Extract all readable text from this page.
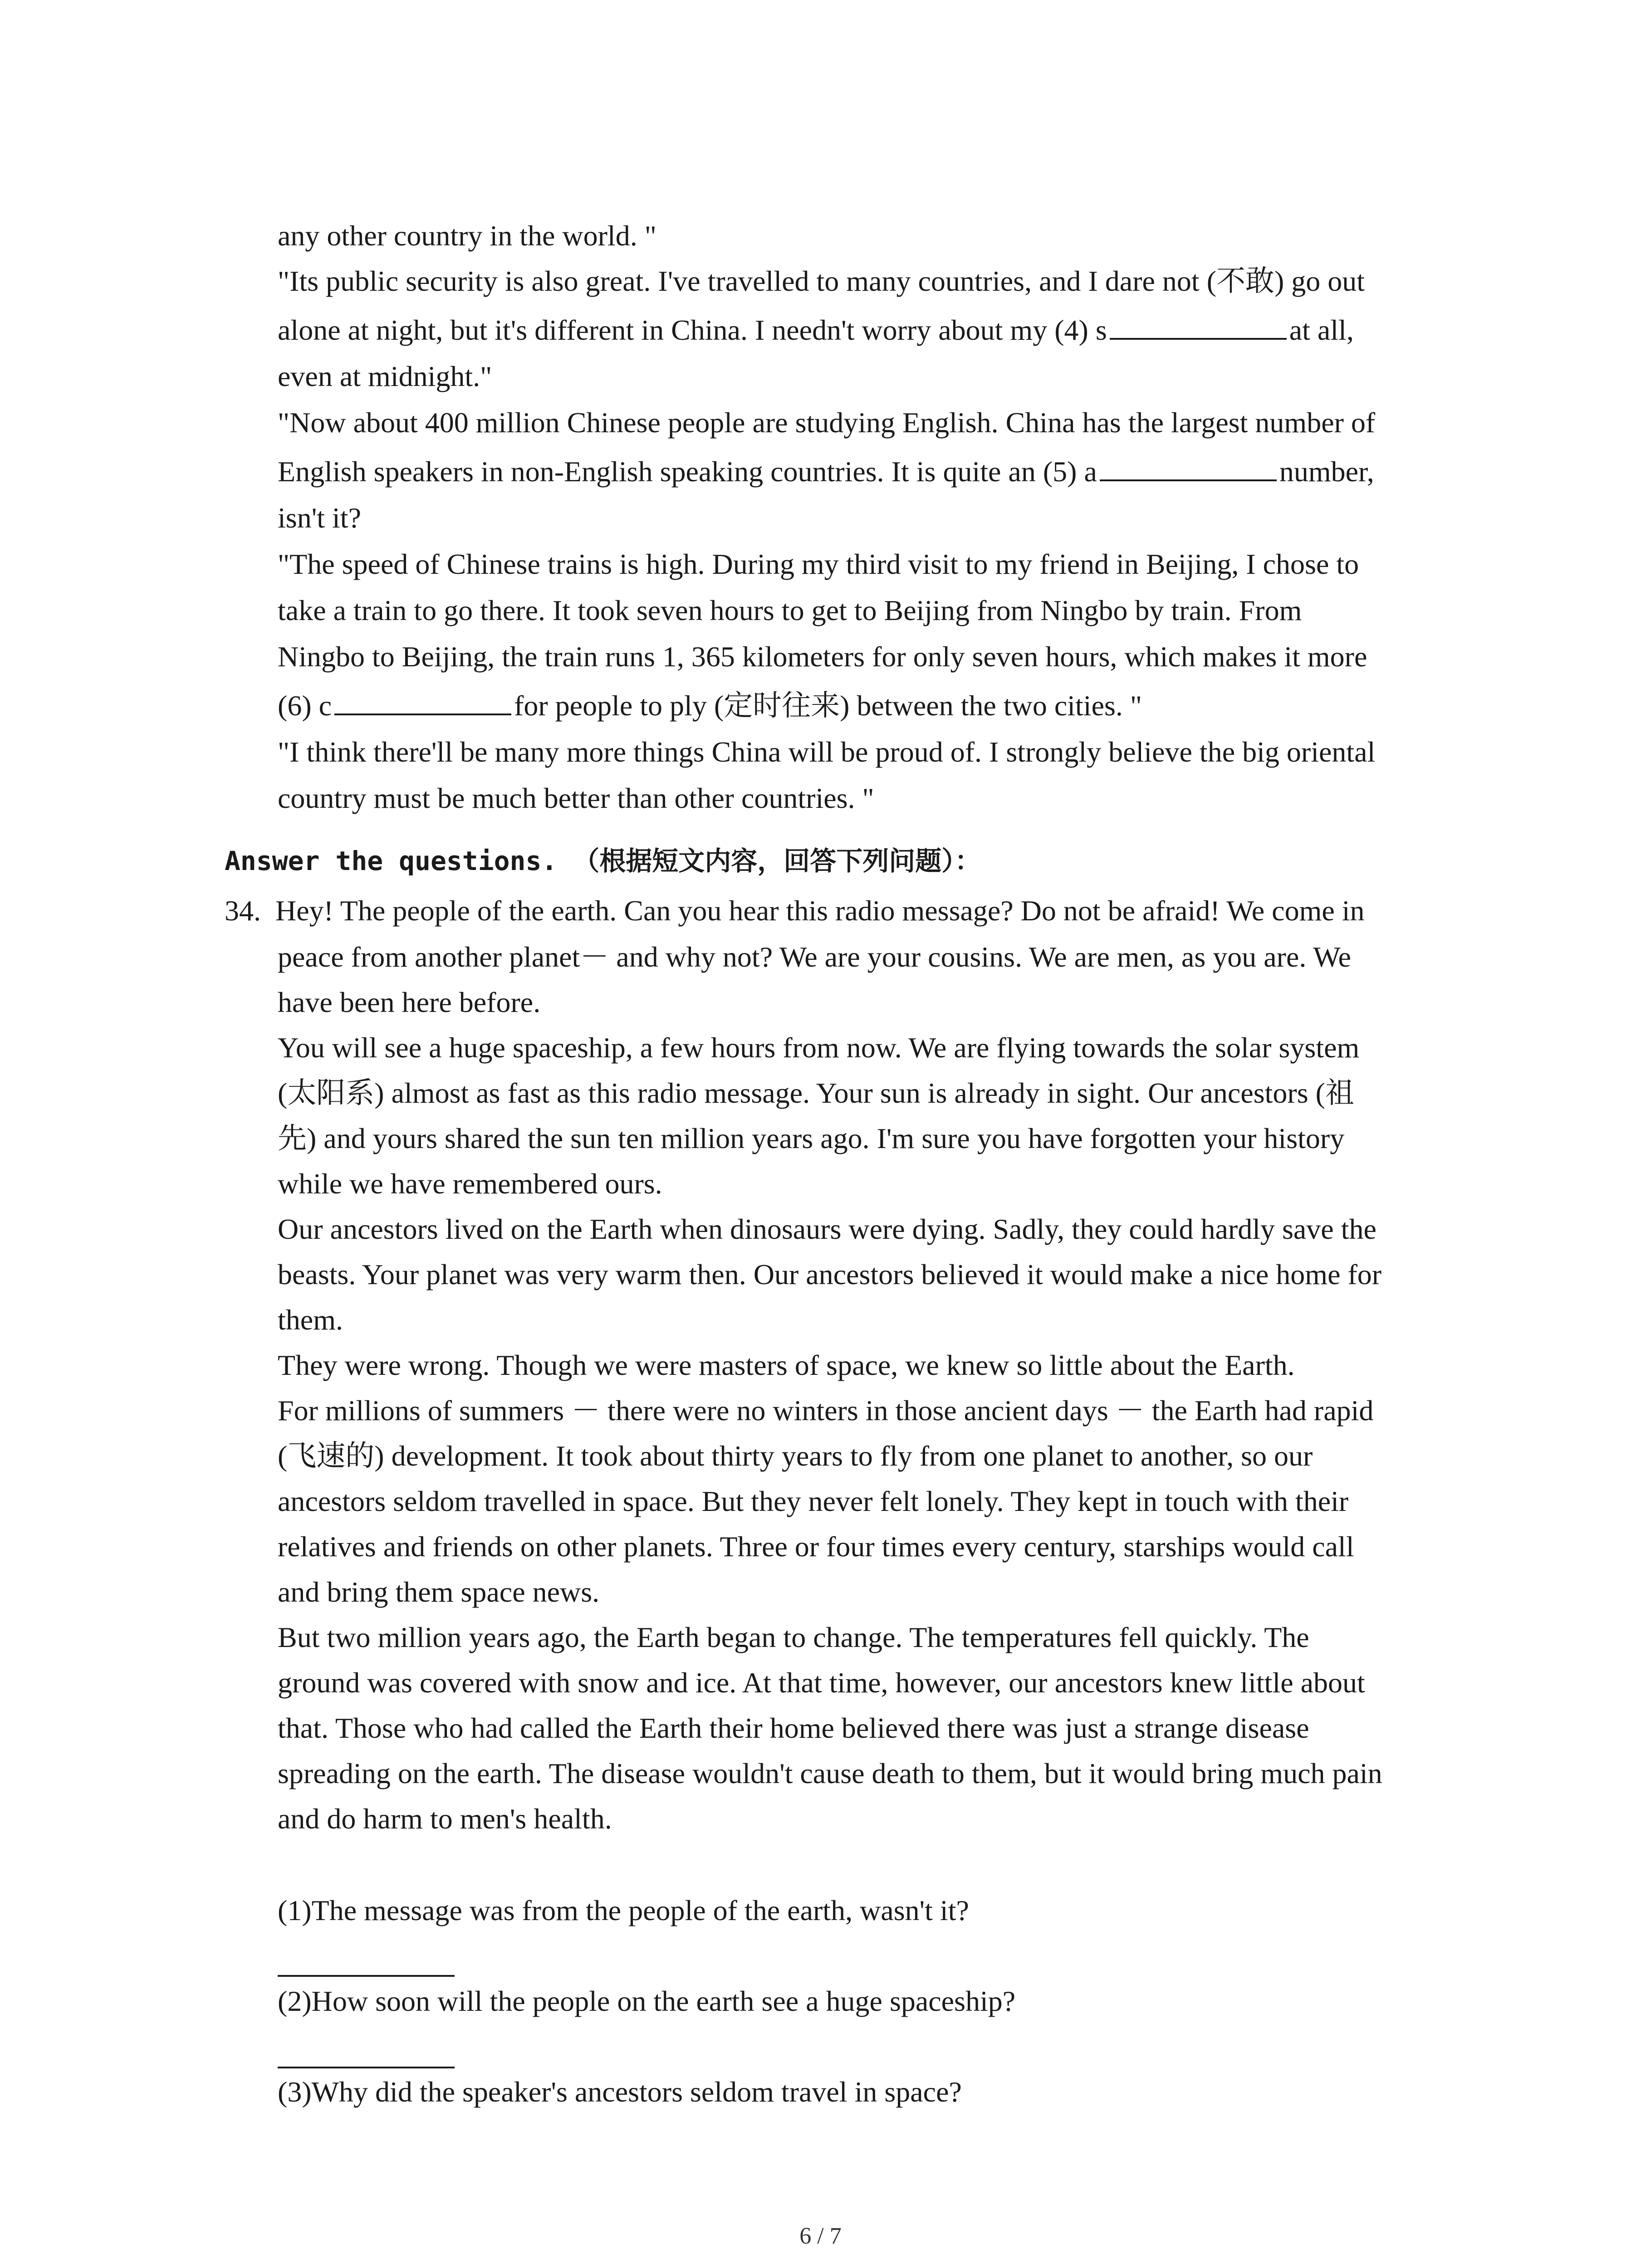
any other country in the world. "
"Its public security is also great. I've travelled to many countries, and I dare not (不敢) go out
alone at night, but it's different in China. I needn't worry about my (4) s	at all,
even at midnight."
"Now about 400 million Chinese people are studying English. China has the largest number of
English speakers in non-English speaking countries. It is quite an (5) a	number,
isn't it?
"The speed of Chinese trains is high. During my third visit to my friend in Beijing, I chose to
take a train to go there. It took seven hours to get to Beijing from Ningbo by train. From
Ningbo to Beijing, the train runs 1, 365 kilometers for only seven hours, which makes it more
(6) c	for people to ply (定时往来) between the two cities. "
"I think there'll be many more things China will be proud of. I strongly believe the big oriental
country must be much better than other countries. "
Answer the questions. （根据短文内容，回答下列问题）：
34. Hey! The people of the earth. Can you hear this radio message? Do not be afraid! We come in
peace from another planet－ and why not? We are your cousins. We are men, as you are. We
have been here before.
You will see a huge spaceship, a few hours from now. We are flying towards the solar system
(太阳系) almost as fast as this radio message. Your sun is already in sight. Our ancestors (祖
先) and yours shared the sun ten million years ago. I'm sure you have forgotten your history
while we have remembered ours.
Our ancestors lived on the Earth when dinosaurs were dying. Sadly, they could hardly save the
beasts. Your planet was very warm then. Our ancestors believed it would make a nice home for
them.
They were wrong. Though we were masters of space, we knew so little about the Earth.
For millions of summers － there were no winters in those ancient days － the Earth had rapid
(飞速的) development. It took about thirty years to fly from one planet to another, so our
ancestors seldom travelled in space. But they never felt lonely. They kept in touch with their
relatives and friends on other planets. Three or four times every century, starships would call
and bring them space news.
But two million years ago, the Earth began to change. The temperatures fell quickly. The
ground was covered with snow and ice. At that time, however, our ancestors knew little about
that. Those who had called the Earth their home believed there was just a strange disease
spreading on the earth. The disease wouldn't cause death to them, but it would bring much pain
and do harm to men's health.
(1)The message was from the people of the earth, wasn't it?
(2)How soon will the people on the earth see a huge spaceship?
(3)Why did the speaker's ancestors seldom travel in space?
6 / 7
